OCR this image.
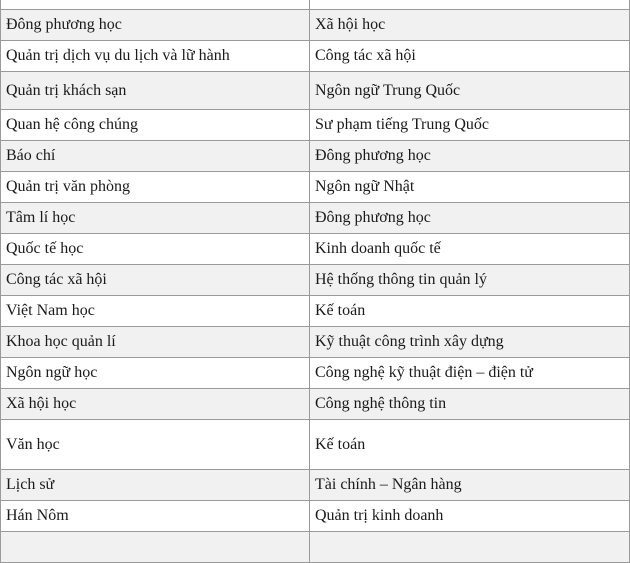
Đông phương học	Xã hội học
Quản trị dịch vụ du lịch và lữ hành	Công tác xã hội
Quản trị khách sạn	Ngôn ngữ Trung Quốc
Quan hệ công chúng	Sư phạm tiếng Trung Quốc
Báo chí	Đông phương học
Quản trị văn phòng	Ngôn ngữ Nhật
Tâm lí học	Đông phương học
Quốc tế học	Kinh doanh quốc tế
Công tác xã hội	Hệ thống thông tin quản lý
Việt Nam học	Kế toán
Khoa học quản lí	Kỹ thuật công trình xây dựng
Ngôn ngữ học	Công nghệ kỹ thuật điện – điện tử
Xã hội học	Công nghệ thông tin
Văn học	Kế toán
Lịch sử	Tài chính – Ngân hàng
Hán Nôm	Quản trị kinh doanh
